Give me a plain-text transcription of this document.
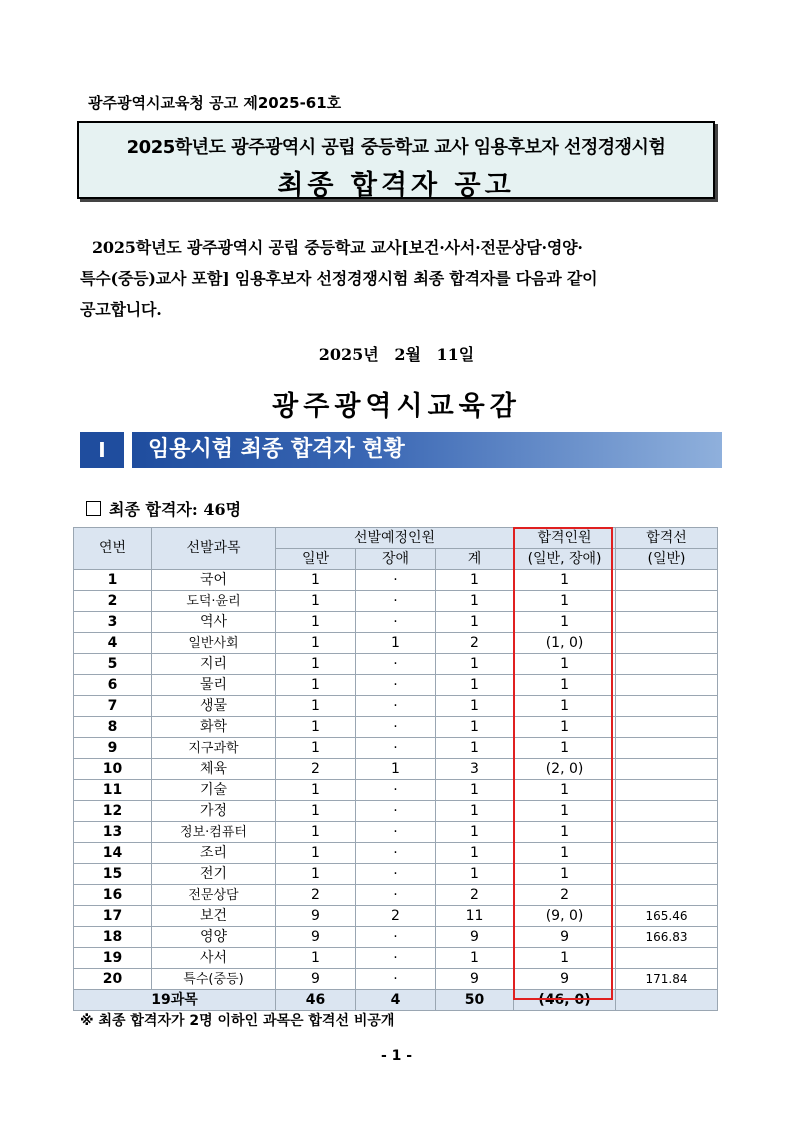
광주광역시교육청 공고 제2025-61호
2025학년도 광주광역시 공립 중등학교 교사 임용후보자 선정경쟁시험
최종 합격자 공고
2025학년도 광주광역시 공립 중등학교 교사[보건·사서·전문상담·영양·
특수(중등)교사 포함] 임용후보자 선정경쟁시험 최종 합격자를 다음과 같이
공고합니다.
2025년 2월 11일
광주광역시교육감
Ⅰ	임용시험 최종 합격자 현황
최종 합격자: 46명
연번	선발과목	선발예정인원			합격인원	합격선
		일반	장애	계	(일반, 장애)	(일반)
1	국어	1	·	1	1	
2	도덕·윤리	1	·	1	1	
3	역사	1	·	1	1	
4	일반사회	1	1	2	(1, 0)	
5	지리	1	·	1	1	
6	물리	1	·	1	1	
7	생물	1	·	1	1	
8	화학	1	·	1	1	
9	지구과학	1	·	1	1	
10	체육	2	1	3	(2, 0)	
11	기술	1	·	1	1	
12	가정	1	·	1	1	
13	정보·컴퓨터	1	·	1	1	
14	조리	1	·	1	1	
15	전기	1	·	1	1	
16	전문상담	2	·	2	2	
17	보건	9	2	11	(9, 0)	165.46
18	영양	9	·	9	9	166.83
19	사서	1	·	1	1	
20	특수(중등)	9	·	9	9	171.84
19과목		46	4	50	(46, 0)	
※ 최종 합격자가 2명 이하인 과목은 합격선 비공개
- 1 -
